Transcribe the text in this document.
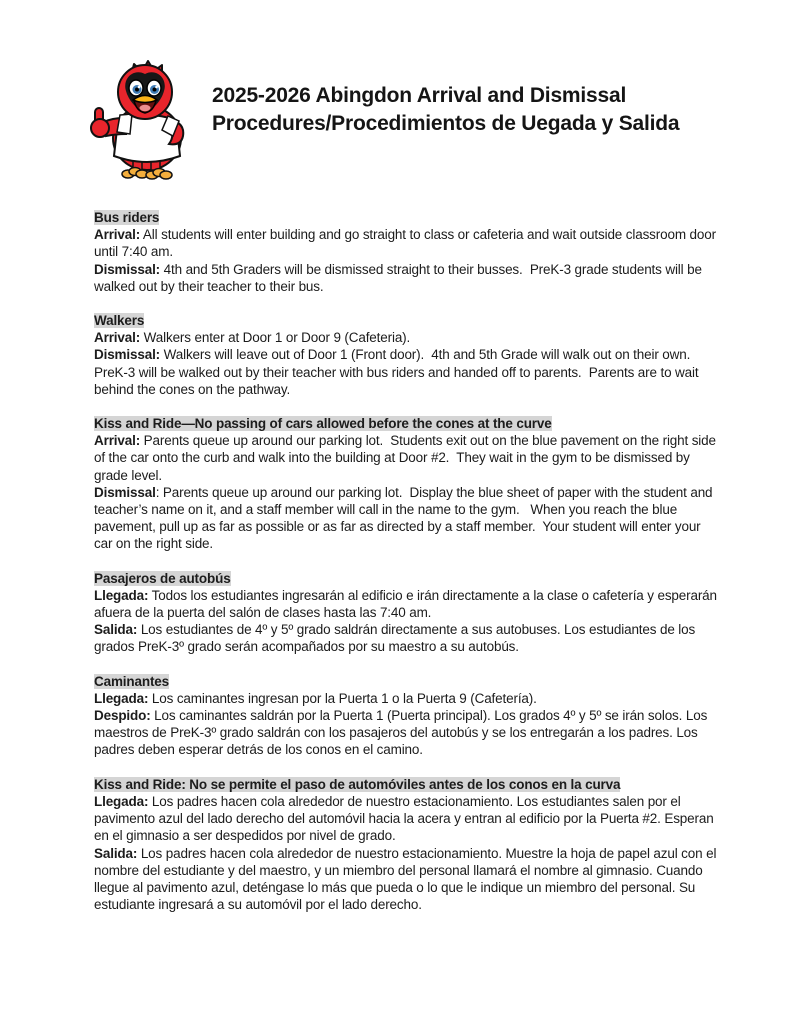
2025-2026 Abingdon Arrival and Dismissal
Procedures/Procedimientos de Uegada y Salida
Bus riders

Arrival: All students will enter building and go straight to class or cafeteria and wait outside classroom door until 7:40 am.

Dismissal: 4th and 5th Graders will be dismissed straight to their busses.  PreK-3 grade students will be walked out by their teacher to their bus.

Walkers

Arrival: Walkers enter at Door 1 or Door 9 (Cafeteria).

Dismissal: Walkers will leave out of Door 1 (Front door).  4th and 5th Grade will walk out on their own. PreK-3 will be walked out by their teacher with bus riders and handed off to parents.  Parents are to wait behind the cones on the pathway.

Kiss and Ride—No passing of cars allowed before the cones at the curve

Arrival: Parents queue up around our parking lot.  Students exit out on the blue pavement on the right side of the car onto the curb and walk into the building at Door #2.  They wait in the gym to be dismissed by grade level.

Dismissal: Parents queue up around our parking lot.  Display the blue sheet of paper with the student and teacher’s name on it, and a staff member will call in the name to the gym.   When you reach the blue pavement, pull up as far as possible or as far as directed by a staff member.  Your student will enter your car on the right side.

Pasajeros de autobús

Llegada: Todos los estudiantes ingresarán al edificio e irán directamente a la clase o cafetería y esperarán afuera de la puerta del salón de clases hasta las 7:40 am.

Salida: Los estudiantes de 4º y 5º grado saldrán directamente a sus autobuses. Los estudiantes de los grados PreK-3º grado serán acompañados por su maestro a su autobús.

Caminantes

Llegada: Los caminantes ingresan por la Puerta 1 o la Puerta 9 (Cafetería).

Despido: Los caminantes saldrán por la Puerta 1 (Puerta principal). Los grados 4º y 5º se irán solos. Los maestros de PreK-3º grado saldrán con los pasajeros del autobús y se los entregarán a los padres. Los padres deben esperar detrás de los conos en el camino.

Kiss and Ride: No se permite el paso de automóviles antes de los conos en la curva

Llegada: Los padres hacen cola alrededor de nuestro estacionamiento. Los estudiantes salen por el pavimento azul del lado derecho del automóvil hacia la acera y entran al edificio por la Puerta #2. Esperan en el gimnasio a ser despedidos por nivel de grado.

Salida: Los padres hacen cola alrededor de nuestro estacionamiento. Muestre la hoja de papel azul con el nombre del estudiante y del maestro, y un miembro del personal llamará el nombre al gimnasio. Cuando llegue al pavimento azul, deténgase lo más que pueda o lo que le indique un miembro del personal. Su estudiante ingresará a su automóvil por el lado derecho.
